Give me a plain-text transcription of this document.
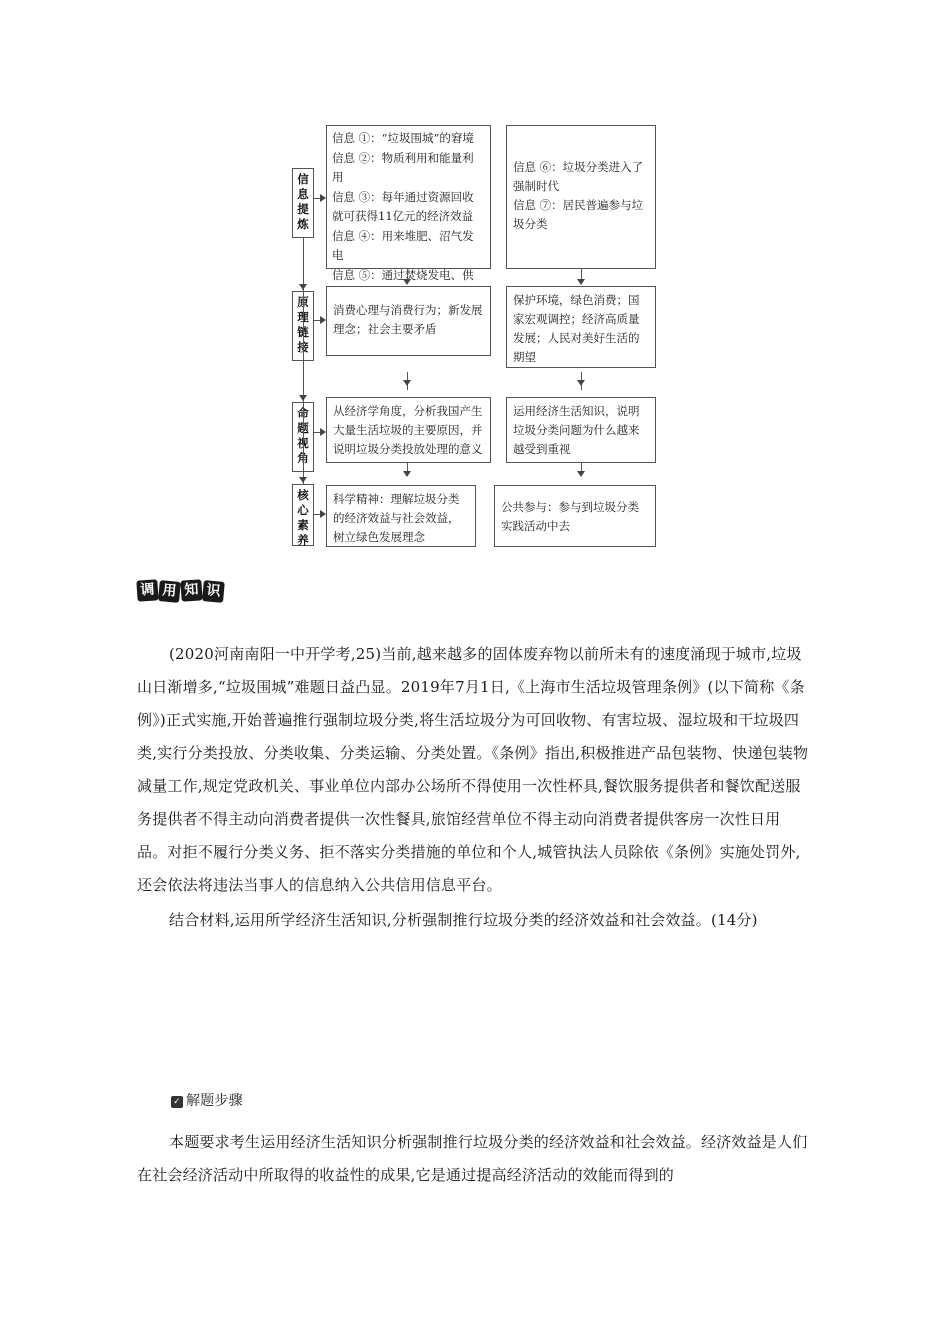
信息提炼
原理链接
命题视角
核心素养
信息 ①：“垃圾围城”的窘境
信息 ②：物质利用和能量利用
信息 ③：每年通过资源回收就可获得11亿元的经济效益
信息 ④：用来堆肥、沼气发电
信息 ⑤：通过焚烧发电、供
消费心理与消费行为；新发展理念；社会主要矛盾
从经济学角度，分析我国产生大量生活垃圾的主要原因，并说明垃圾分类投放处理的意义
科学精神：理解垃圾分类的经济效益与社会效益，树立绿色发展理念
信息 ⑥：垃圾分类进入了强制时代
信息 ⑦：居民普遍参与垃圾分类
保护环境，绿色消费；国家宏观调控；经济高质量发展；人民对美好生活的期望
运用经济生活知识，说明垃圾分类问题为什么越来越受到重视
公共参与：参与到垃圾分类实践活动中去
调 用 知 识

(2020河南南阳一中开学考,25)当前,越来越多的固体废弃物以前所未有的速度涌现于城市,垃圾山日渐增多,“垃圾围城”难题日益凸显。2019年7月1日,《上海市生活垃圾管理条例》(以下简称《条例》)正式实施,开始普遍推行强制垃圾分类,将生活垃圾分为可回收物、有害垃圾、湿垃圾和干垃圾四类,实行分类投放、分类收集、分类运输、分类处置。《条例》指出,积极推进产品包装物、快递包装物减量工作,规定党政机关、事业单位内部办公场所不得使用一次性杯具,餐饮服务提供者和餐饮配送服务提供者不得主动向消费者提供一次性餐具,旅馆经营单位不得主动向消费者提供客房一次性日用品。对拒不履行分类义务、拒不落实分类措施的单位和个人,城管执法人员除依《条例》实施处罚外,还会依法将违法当事人的信息纳入公共信用信息平台。

结合材料,运用所学经济生活知识,分析强制推行垃圾分类的经济效益和社会效益。(14分)

✓ 解题步骤

本题要求考生运用经济生活知识分析强制推行垃圾分类的经济效益和社会效益。经济效益是人们在社会经济活动中所取得的收益性的成果,它是通过提高经济活动的效能而得到的
